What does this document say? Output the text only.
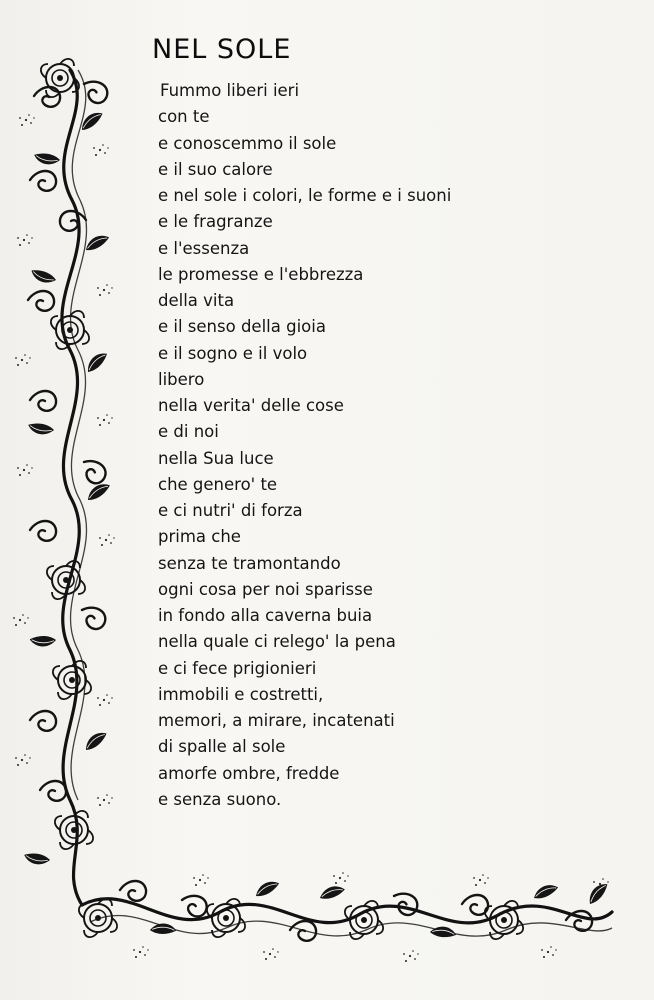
NEL SOLE
Fummo liberi ieri
con te
e conoscemmo il sole
e il suo calore
e nel sole i colori, le forme e i suoni
e le fragranze
e l'essenza
le promesse e l'ebbrezza
della vita
e il senso della gioia
e il sogno e il volo
libero
nella verita' delle cose
e di noi
nella Sua luce
che genero' te
e ci nutri' di forza
prima che
senza te tramontando
ogni cosa per noi sparisse
in fondo alla caverna buia
nella quale ci relego' la pena
e ci fece prigionieri
immobili e costretti,
memori, a mirare, incatenati
di spalle al sole
amorfe ombre, fredde
e senza suono.
